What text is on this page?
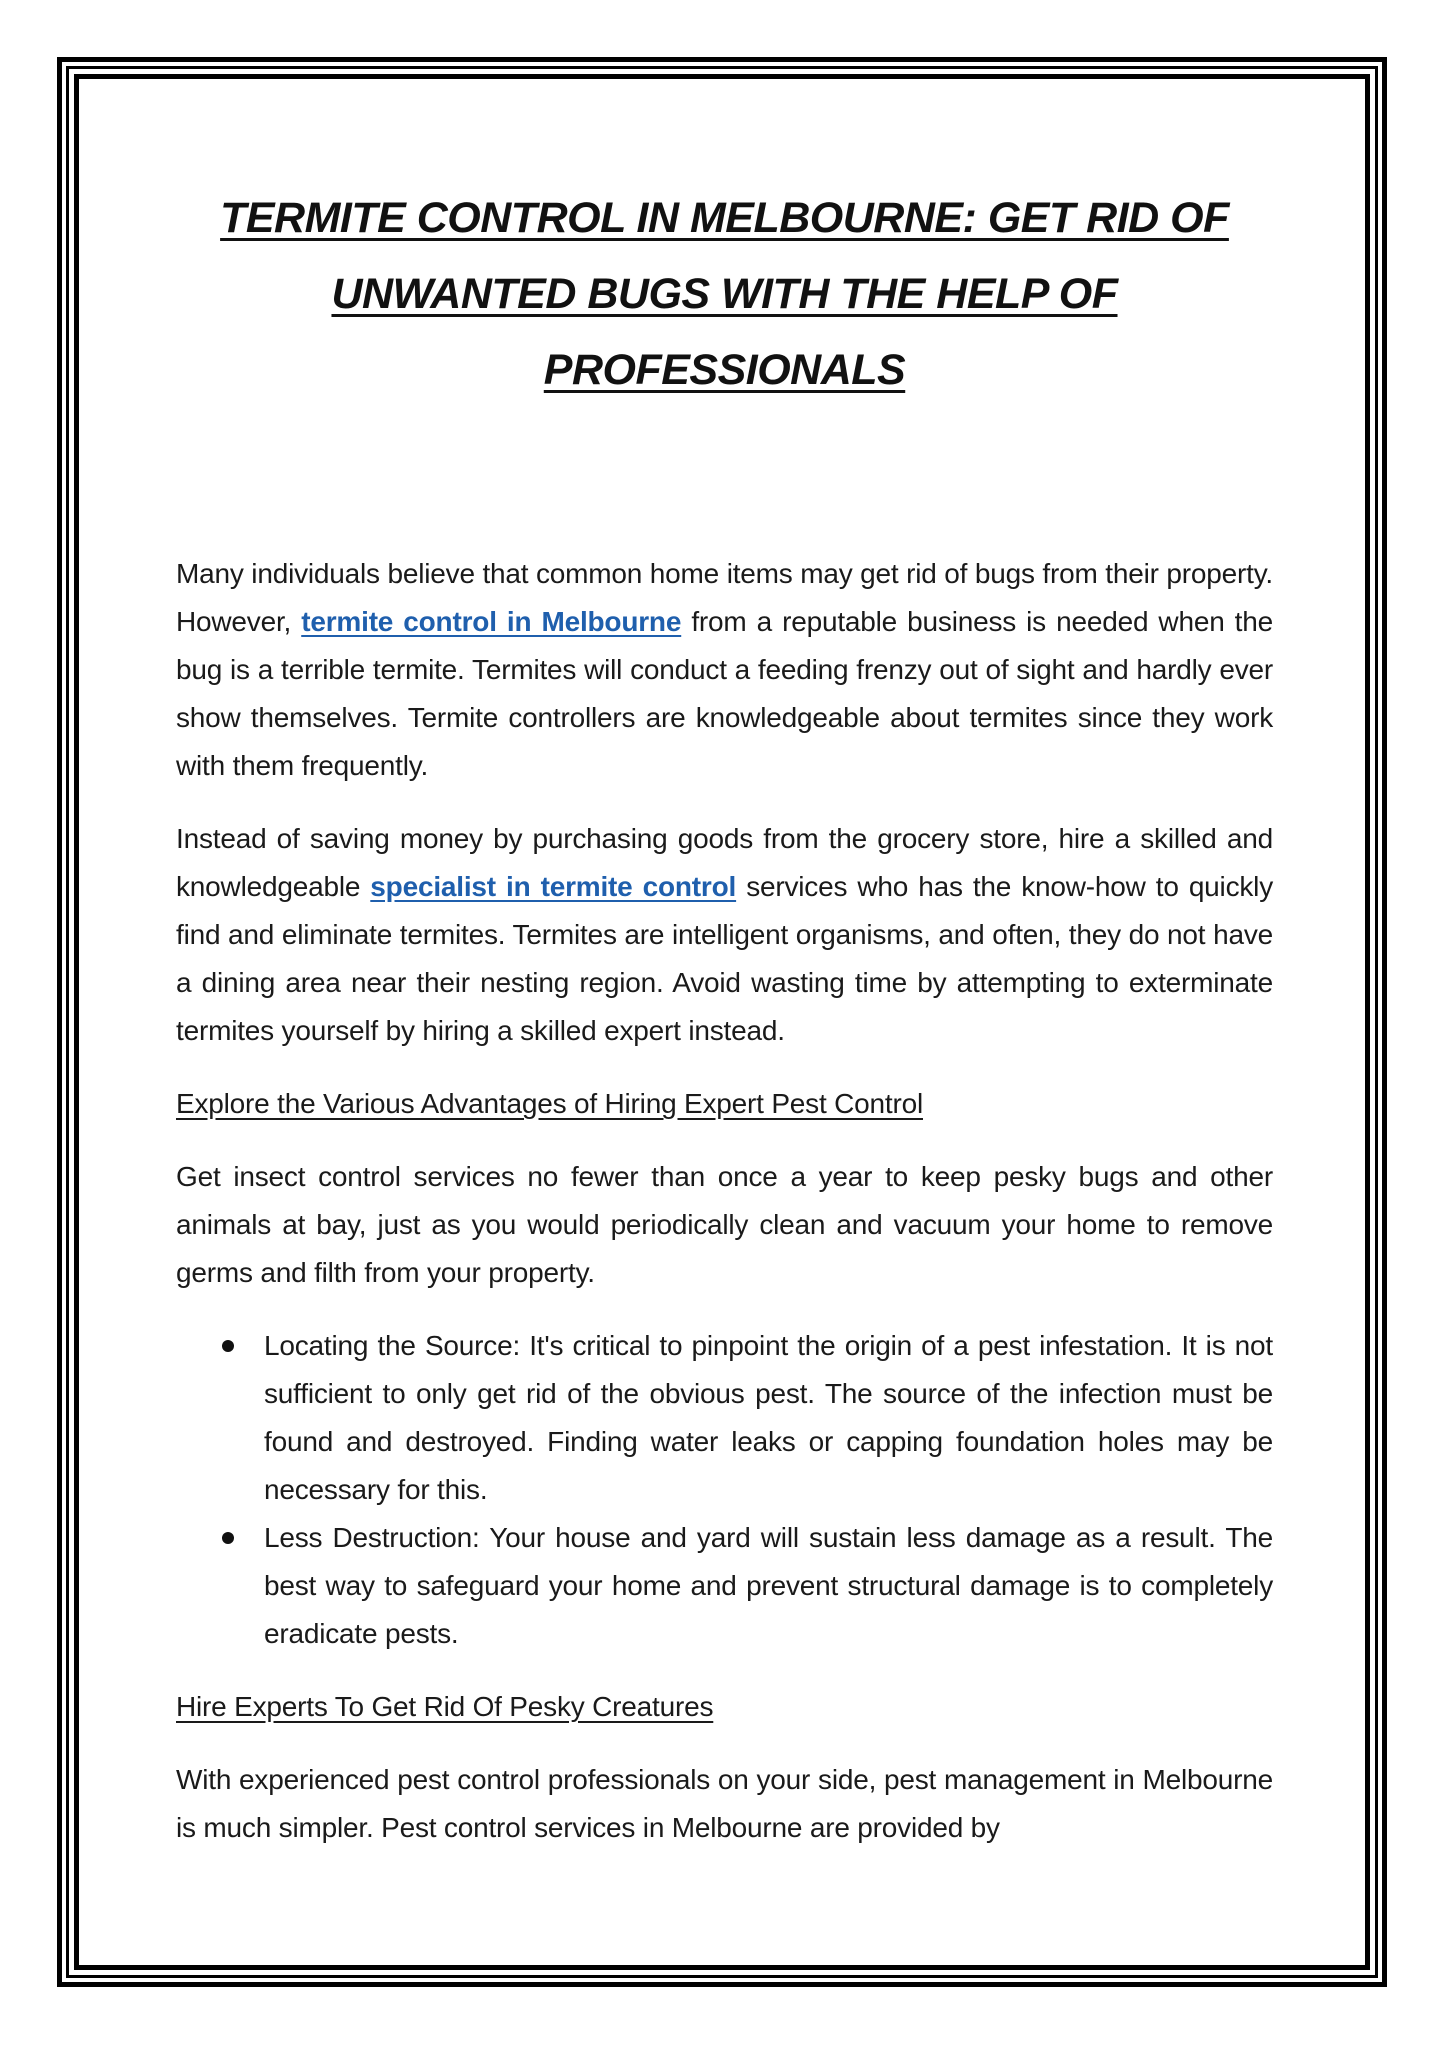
TERMITE CONTROL IN MELBOURNE: GET RID OF UNWANTED BUGS WITH THE HELP OF PROFESSIONALS

Many individuals believe that common home items may get rid of bugs from their property. However, termite control in Melbourne from a reputable business is needed when the bug is a terrible termite. Termites will conduct a feeding frenzy out of sight and hardly ever show themselves. Termite controllers are knowledgeable about termites since they work with them frequently.

Instead of saving money by purchasing goods from the grocery store, hire a skilled and knowledgeable specialist in termite control services who has the know-how to quickly find and eliminate termites. Termites are intelligent organisms, and often, they do not have a dining area near their nesting region. Avoid wasting time by attempting to exterminate termites yourself by hiring a skilled expert instead.

Explore the Various Advantages of Hiring Expert Pest Control

Get insect control services no fewer than once a year to keep pesky bugs and other animals at bay, just as you would periodically clean and vacuum your home to remove germs and filth from your property.

Locating the Source: It's critical to pinpoint the origin of a pest infestation. It is not sufficient to only get rid of the obvious pest. The source of the infection must be found and destroyed. Finding water leaks or capping foundation holes may be necessary for this.
Less Destruction: Your house and yard will sustain less damage as a result. The best way to safeguard your home and prevent structural damage is to completely eradicate pests.

Hire Experts To Get Rid Of Pesky Creatures

With experienced pest control professionals on your side, pest management in Melbourne is much simpler. Pest control services in Melbourne are provided by
